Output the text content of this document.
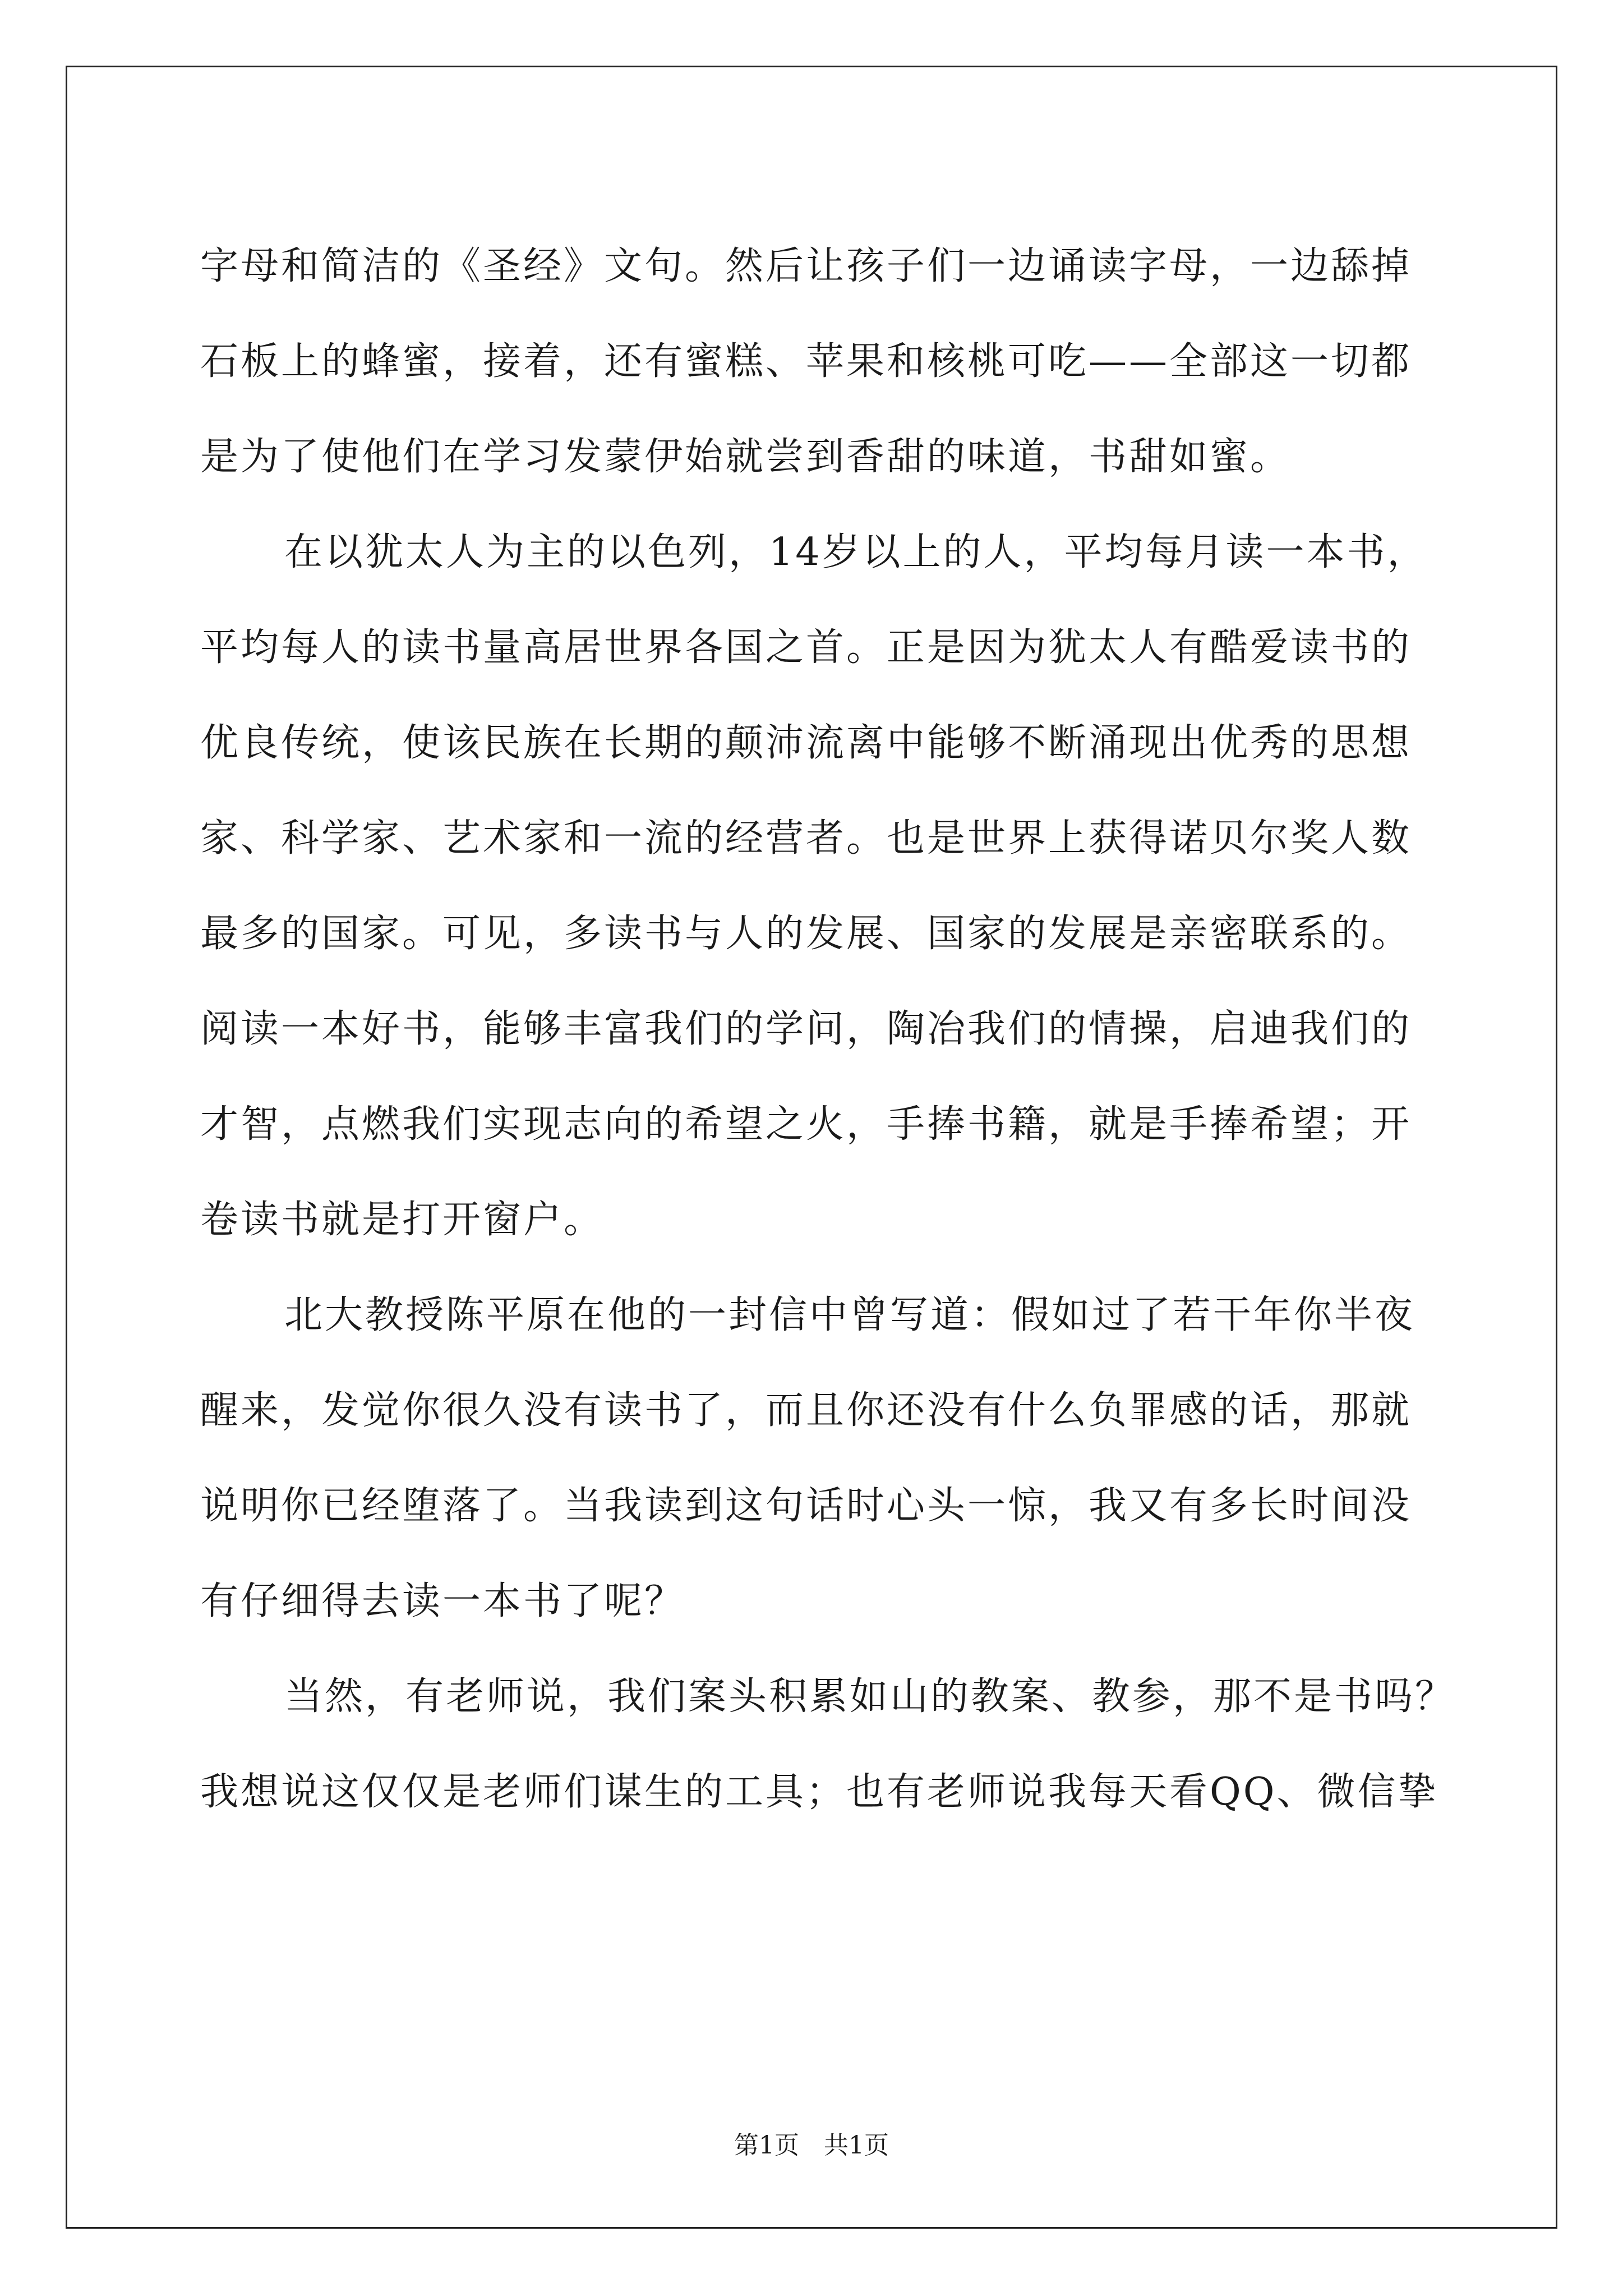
字母和简洁的《圣经》文句。然后让孩子们一边诵读字母，一边舔掉
石板上的蜂蜜，接着，还有蜜糕、苹果和核桃可吃——全部这一切都
是为了使他们在学习发蒙伊始就尝到香甜的味道，书甜如蜜。
在以犹太人为主的以色列，14岁以上的人，平均每月读一本书，
平均每人的读书量高居世界各国之首。正是因为犹太人有酷爱读书的
优良传统，使该民族在长期的颠沛流离中能够不断涌现出优秀的思想
家、科学家、艺术家和一流的经营者。也是世界上获得诺贝尔奖人数
最多的国家。可见，多读书与人的发展、国家的发展是亲密联系的。
阅读一本好书，能够丰富我们的学问，陶冶我们的情操，启迪我们的
才智，点燃我们实现志向的希望之火，手捧书籍，就是手捧希望；开
卷读书就是打开窗户。
北大教授陈平原在他的一封信中曾写道：假如过了若干年你半夜
醒来，发觉你很久没有读书了，而且你还没有什么负罪感的话，那就
说明你已经堕落了。当我读到这句话时心头一惊，我又有多长时间没
有仔细得去读一本书了呢？
当然，有老师说，我们案头积累如山的教案、教参，那不是书吗？
我想说这仅仅是老师们谋生的工具；也有老师说我每天看QQ、微信挚
第1页　共1页
